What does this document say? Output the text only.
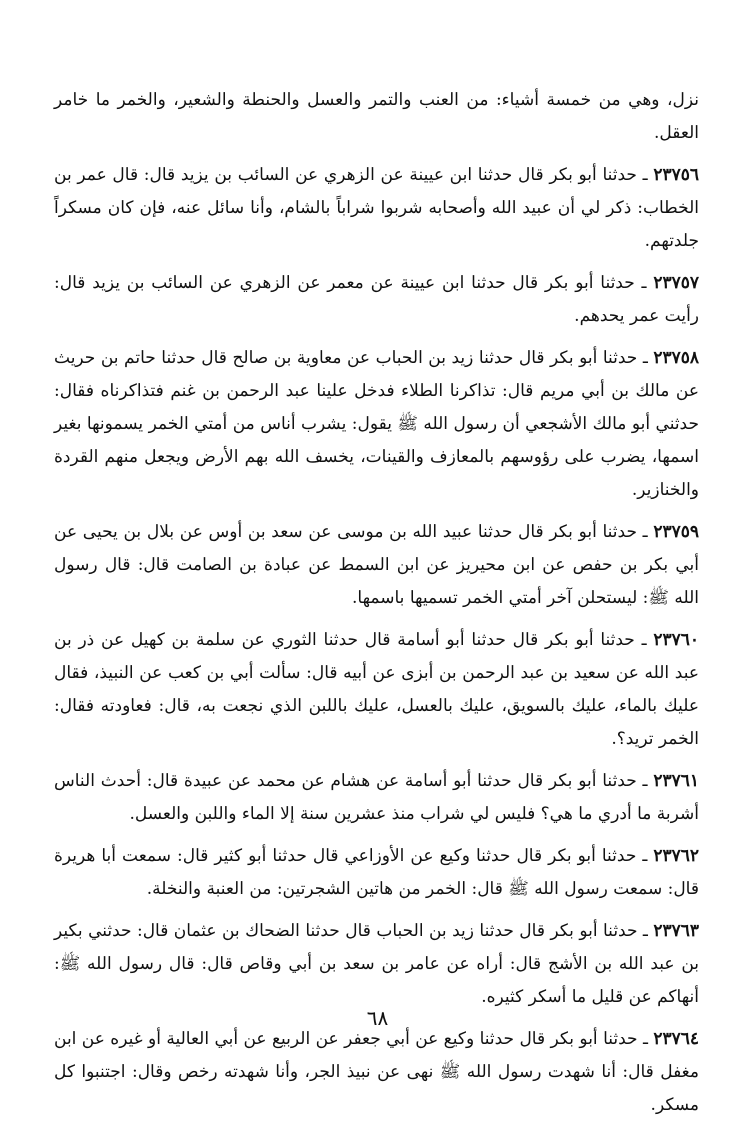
نزل، وهي من خمسة أشياء: من العنب والتمر والعسل والحنطة والشعير، والخمر ما خامر العقل.

٢٣٧٥٦ ـ حدثنا أبو بكر قال حدثنا ابن عيينة عن الزهري عن السائب بن يزيد قال: قال عمر بن الخطاب: ذكر لي أن عبيد الله وأصحابه شربوا شراباً بالشام، وأنا سائل عنه، فإن كان مسكراً جلدتهم.

٢٣٧٥٧ ـ حدثنا أبو بكر قال حدثنا ابن عيينة عن معمر عن الزهري عن السائب بن يزيد قال: رأيت عمر يحدهم.

٢٣٧٥٨ ـ حدثنا أبو بكر قال حدثنا زيد بن الحباب عن معاوية بن صالح قال حدثنا حاتم بن حريث عن مالك بن أبي مريم قال: تذاكرنا الطلاء فدخل علينا عبد الرحمن بن غنم فتذاكرناه فقال: حدثني أبو مالك الأشجعي أن رسول الله ﷺ يقول: يشرب أناس من أمتي الخمر يسمونها بغير اسمها، يضرب على رؤوسهم بالمعازف والقينات، يخسف الله بهم الأرض ويجعل منهم القردة والخنازير.

٢٣٧٥٩ ـ حدثنا أبو بكر قال حدثنا عبيد الله بن موسى عن سعد بن أوس عن بلال بن يحيى عن أبي بكر بن حفص عن ابن محيريز عن ابن السمط عن عبادة بن الصامت قال: قال رسول الله ﷺ: ليستحلن آخر أمتي الخمر تسميها باسمها.

٢٣٧٦٠ ـ حدثنا أبو بكر قال حدثنا أبو أسامة قال حدثنا الثوري عن سلمة بن كهيل عن ذر بن عبد الله عن سعيد بن عبد الرحمن بن أبزى عن أبيه قال: سألت أبي بن كعب عن النبيذ، فقال عليك بالماء، عليك بالسويق، عليك بالعسل، عليك باللبن الذي نجعت به، قال: فعاودته فقال: الخمر تريد؟.

٢٣٧٦١ ـ حدثنا أبو بكر قال حدثنا أبو أسامة عن هشام عن محمد عن عبيدة قال: أحدث الناس أشربة ما أدري ما هي؟ فليس لي شراب منذ عشرين سنة إلا الماء واللبن والعسل.

٢٣٧٦٢ ـ حدثنا أبو بكر قال حدثنا وكيع عن الأوزاعي قال حدثنا أبو كثير قال: سمعت أبا هريرة قال: سمعت رسول الله ﷺ قال: الخمر من هاتين الشجرتين: من العنبة والنخلة.

٢٣٧٦٣ ـ حدثنا أبو بكر قال حدثنا زيد بن الحباب قال حدثنا الضحاك بن عثمان قال: حدثني بكير بن عبد الله بن الأشج قال: أراه عن عامر بن سعد بن أبي وقاص قال: قال رسول الله ﷺ: أنهاكم عن قليل ما أسكر كثيره.

٢٣٧٦٤ ـ حدثنا أبو بكر قال حدثنا وكيع عن أبي جعفر عن الربيع عن أبي العالية أو غيره عن ابن مغفل قال: أنا شهدت رسول الله ﷺ نهى عن نبيذ الجر، وأنا شهدته رخص وقال: اجتنبوا كل مسكر.

٦٨
